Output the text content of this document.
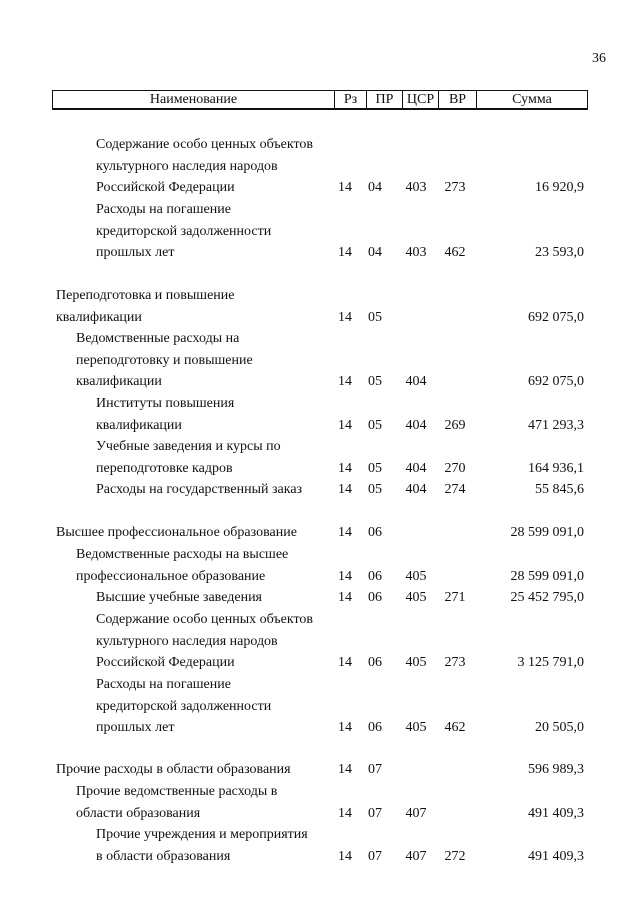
36
Наименование	Рз	ПР ЦСР	ВР	Сумма
Содержание особо ценных объектов
культурного наследия народов
Российской Федерации	14 04 403 273	16 920,9
Расходы на погашение
кредиторской задолженности
прошлых лет	14 04 403 462	23 593,0
Переподготовка и повышение
квалификации	14 05	692 075,0
Ведомственные расходы на
переподготовку и повышение
квалификации	14 05 404	692 075,0
Институты повышения
квалификации	14 05 404 269	471 293,3
Учебные заведения и курсы по
переподготовке кадров	14 05 404 270	164 936,1
Расходы на государственный заказ	14 05 404 274	55 845,6
Высшее профессиональное образование	14 06	28 599 091,0
Ведомственные расходы на высшее
профессиональное образование	14 06 405	28 599 091,0
Высшие учебные заведения	14 06 405 271	25 452 795,0
Содержание особо ценных объектов
культурного наследия народов
Российской Федерации	14 06 405 273	3 125 791,0
Расходы на погашение
кредиторской задолженности
прошлых лет	14 06 405 462	20 505,0
Прочие расходы в области образования	14 07	596 989,3
Прочие ведомственные расходы в
области образования	14 07 407	491 409,3
Прочие учреждения и мероприятия
в области образования	14 07 407 272	491 409,3
